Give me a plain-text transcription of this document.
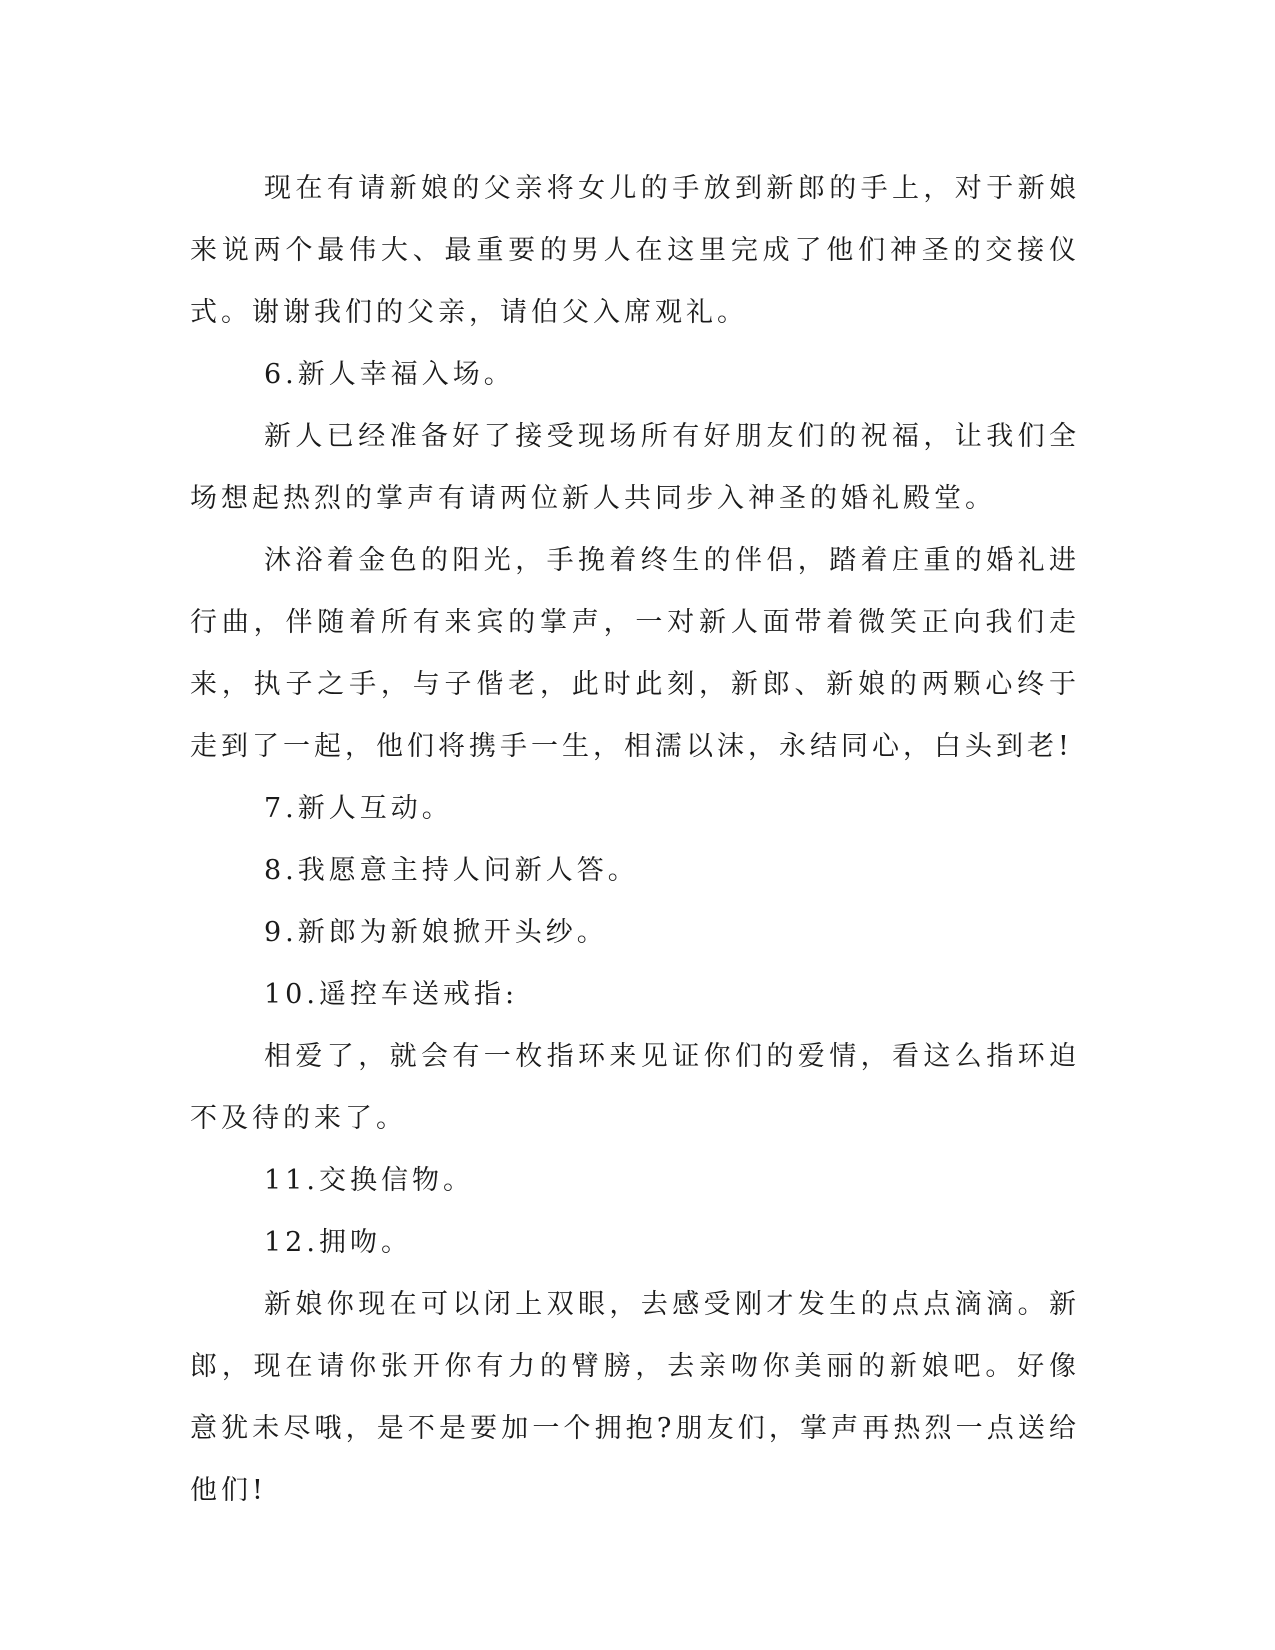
现在有请新娘的父亲将女儿的手放到新郎的手上，对于新娘来说两个最伟大、最重要的男人在这里完成了他们神圣的交接仪式。谢谢我们的父亲，请伯父入席观礼。

6.新人幸福入场。

新人已经准备好了接受现场所有好朋友们的祝福，让我们全场想起热烈的掌声有请两位新人共同步入神圣的婚礼殿堂。

沐浴着金色的阳光，手挽着终生的伴侣，踏着庄重的婚礼进行曲，伴随着所有来宾的掌声，一对新人面带着微笑正向我们走来，执子之手，与子偕老，此时此刻，新郎、新娘的两颗心终于走到了一起，他们将携手一生，相濡以沫，永结同心，白头到老!

7.新人互动。

8.我愿意主持人问新人答。

9.新郎为新娘掀开头纱。

10.遥控车送戒指:

相爱了，就会有一枚指环来见证你们的爱情，看这么指环迫不及待的来了。

11.交换信物。

12.拥吻。

新娘你现在可以闭上双眼，去感受刚才发生的点点滴滴。新郎，现在请你张开你有力的臂膀，去亲吻你美丽的新娘吧。好像意犹未尽哦，是不是要加一个拥抱?朋友们，掌声再热烈一点送给他们!
